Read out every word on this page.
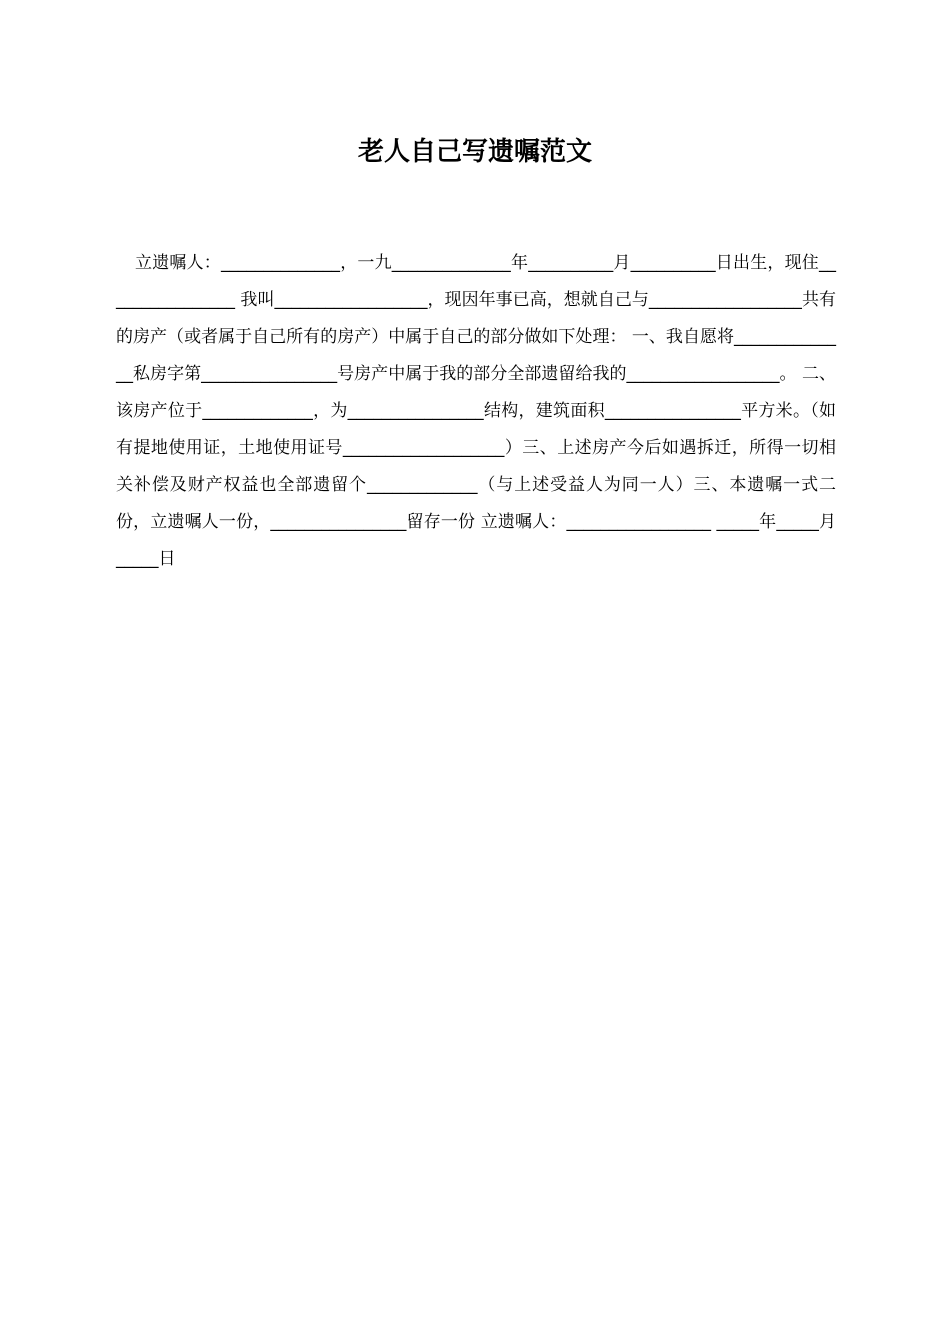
老人自己写遗嘱范文

立遗嘱人：______________，一九______________年__________月__________日出生，现住________________ 我叫__________________，现因年事已高，想就自己与__________________共有的房产（或者属于自己所有的房产）中属于自己的部分做如下处理： 一、我自愿将______________私房字第________________号房产中属于我的部分全部遗留给我的__________________。 二、该房产位于_____________，为________________结构，建筑面积________________平方米。（如有提地使用证，土地使用证号___________________）三、上述房产今后如遇拆迁，所得一切相关补偿及财产权益也全部遗留个_____________（与上述受益人为同一人）三、本遗嘱一式二份，立遗嘱人一份，________________留存一份 立遗嘱人：_________________ _____年_____月_____日
